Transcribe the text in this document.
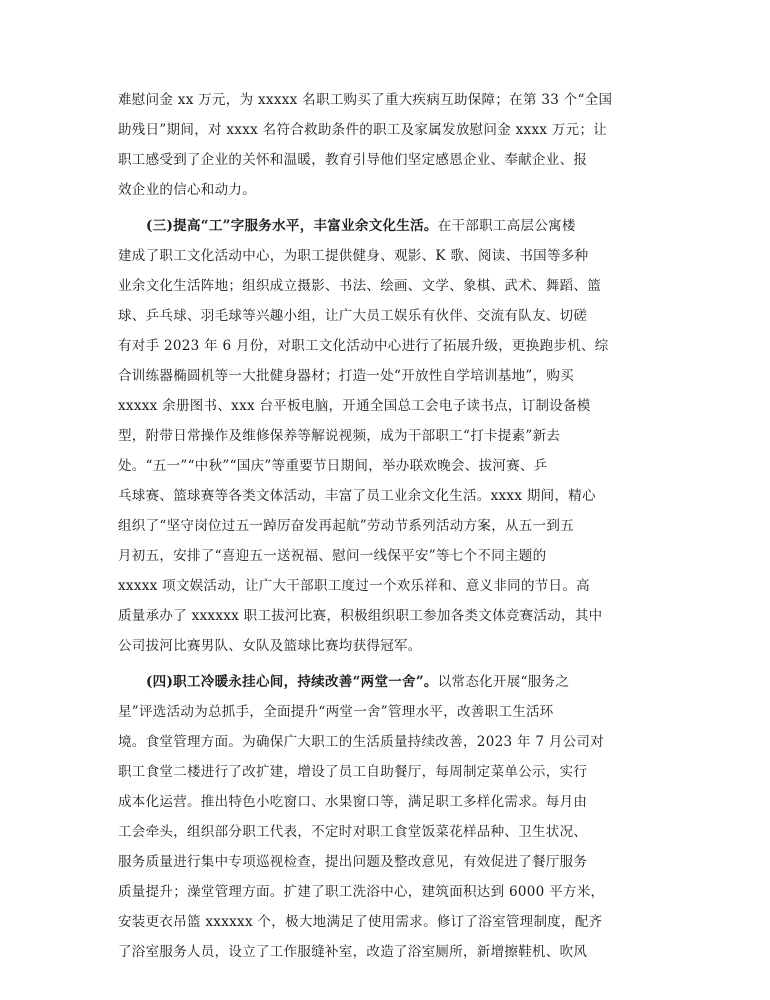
难慰问金 xx 万元，为 xxxxx 名职工购买了重大疾病互助保障；在第 33 个“全国
助残日”期间，对 xxxx 名符合救助条件的职工及家属发放慰问金 xxxx 万元；让
职工感受到了企业的关怀和温暖，教育引导他们坚定感恩企业、奉献企业、报
效企业的信心和动力。
(三)提高“工”字服务水平，丰富业余文化生活。在干部职工高层公寓楼
建成了职工文化活动中心，为职工提供健身、观影、K 歌、阅读、书国等多种
业余文化生活阵地；组织成立摄影、书法、绘画、文学、象棋、武术、舞蹈、篮
球、乒乓球、羽毛球等兴趣小组，让广大员工娱乐有伙伴、交流有队友、切磋
有对手 2023 年 6 月份，对职工文化活动中心进行了拓展升级，更换跑步机、综
合训练器椭圆机等一大批健身器材；打造一处“开放性自学培训基地”，购买
xxxxx 余册图书、xxx 台平板电脑，开通全国总工会电子读书点，订制设备模
型，附带日常操作及维修保养等解说视频，成为干部职工“打卡提素”新去
处。“五一”“中秋”“国庆”等重要节日期间，举办联欢晚会、拔河赛、乒
乓球赛、篮球赛等各类文体活动，丰富了员工业余文化生活。xxxx 期间，精心
组织了“坚守岗位过五一踔厉奋发再起航”劳动节系列活动方案，从五一到五
月初五，安排了“喜迎五一送祝福、慰问一线保平安”等七个不同主题的
xxxxx 项文娱活动，让广大干部职工度过一个欢乐祥和、意义非同的节日。高
质量承办了 xxxxxx 职工拔河比赛，积极组织职工参加各类文体竞赛活动，其中
公司拔河比赛男队、女队及篮球比赛均获得冠军。
(四)职工冷暖永挂心间，持续改善“两堂一舍”。以常态化开展“服务之
星”评选活动为总抓手，全面提升“两堂一舍”管理水平，改善职工生活环
境。食堂管理方面。为确保广大职工的生活质量持续改善，2023 年 7 月公司对
职工食堂二楼进行了改扩建，增设了员工自助餐厅，每周制定菜单公示，实行
成本化运营。推出特色小吃窗口、水果窗口等，满足职工多样化需求。每月由
工会牵头，组织部分职工代表，不定时对职工食堂饭菜花样品种、卫生状况、
服务质量进行集中专项巡视检查，提出问题及整改意见，有效促进了餐厅服务
质量提升；澡堂管理方面。扩建了职工洗浴中心，建筑面积达到 6000 平方米，
安装更衣吊篮 xxxxxx 个，极大地满足了使用需求。修订了浴室管理制度，配齐
了浴室服务人员，设立了工作服缝补室，改造了浴室厕所，新增擦鞋机、吹风
